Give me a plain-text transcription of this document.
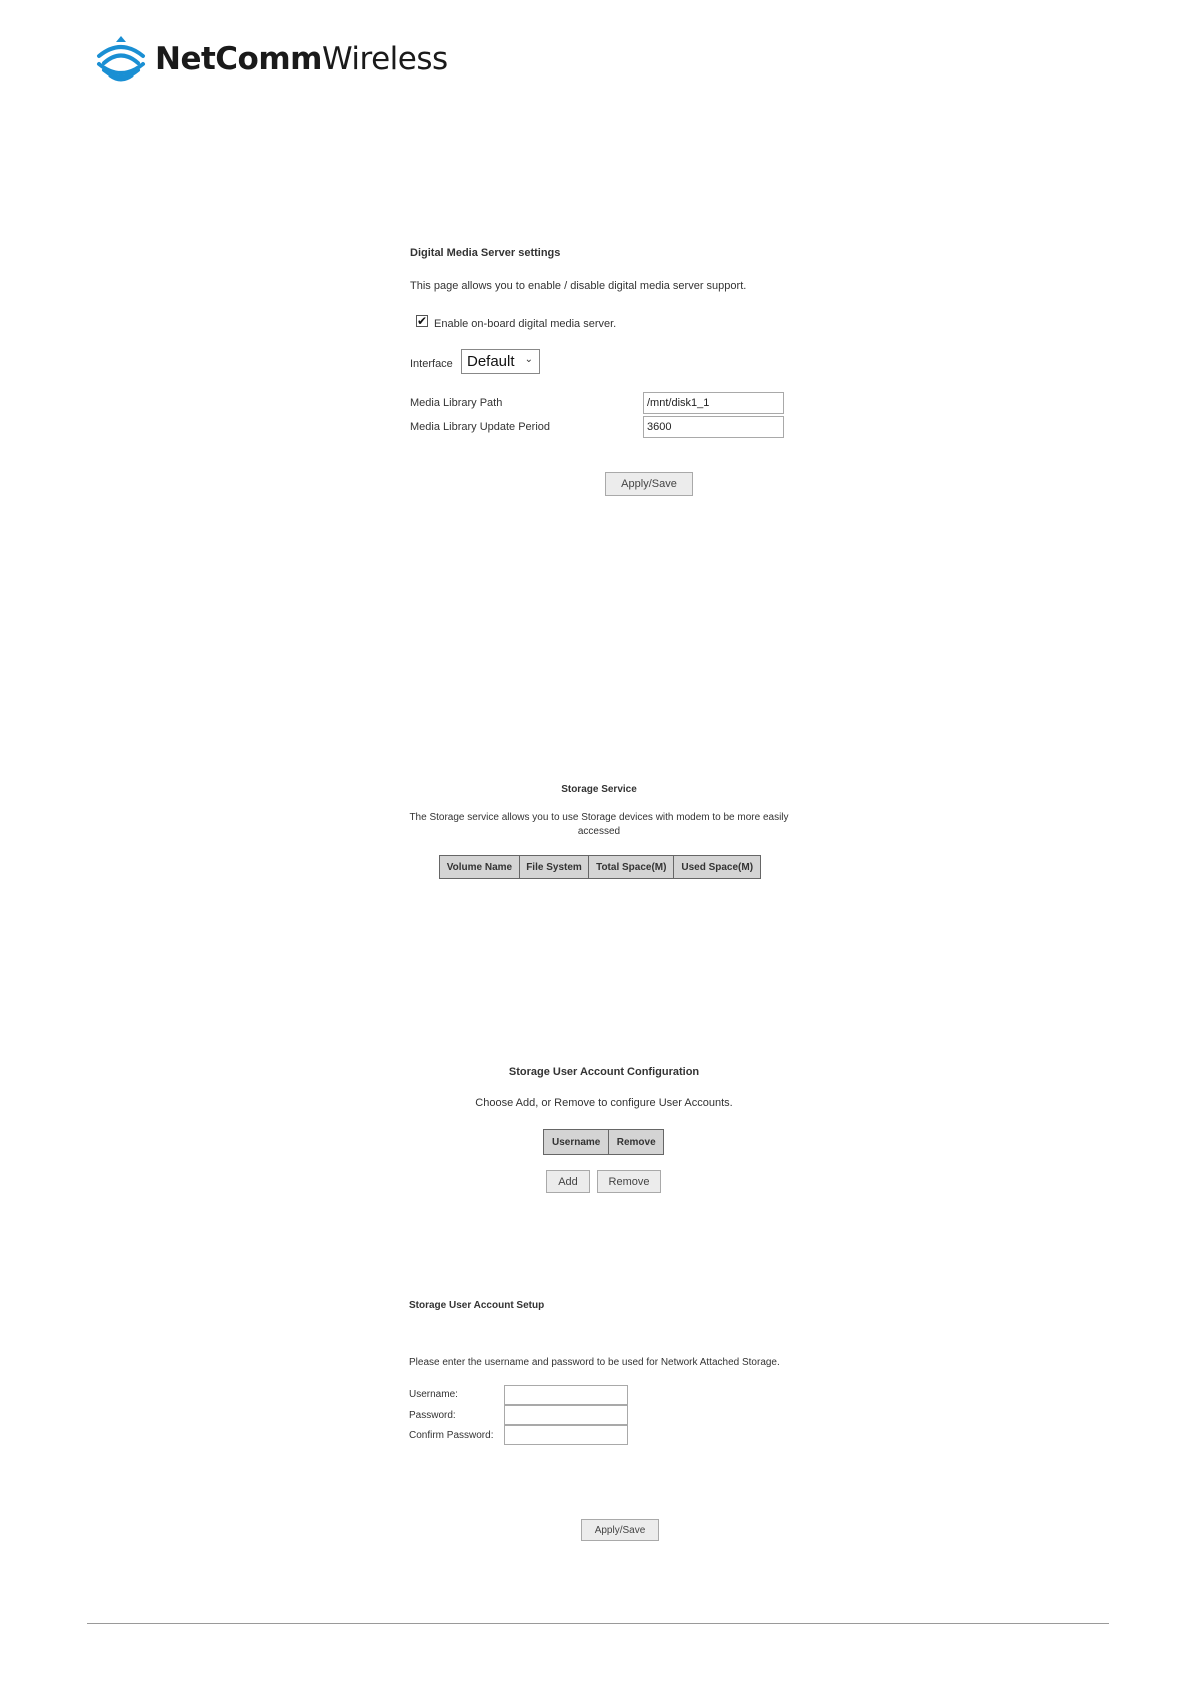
NetCommWireless
Digital Media Server settings
This page allows you to enable / disable digital media server support.
✔ Enable on-board digital media server.
Interface Default ⌄
Media Library Path	/mnt/disk1_1
Media Library Update Period	3600
Apply/Save
Storage Service
The Storage service allows you to use Storage devices with modem to be more easily
accessed
Volume Name	File System	Total Space(M)	Used Space(M)
Storage User Account Configuration
Choose Add, or Remove to configure User Accounts.
Username	Remove
Add	Remove
Storage User Account Setup
Please enter the username and password to be used for Network Attached Storage.
Username:
Password:
Confirm Password:
Apply/Save
